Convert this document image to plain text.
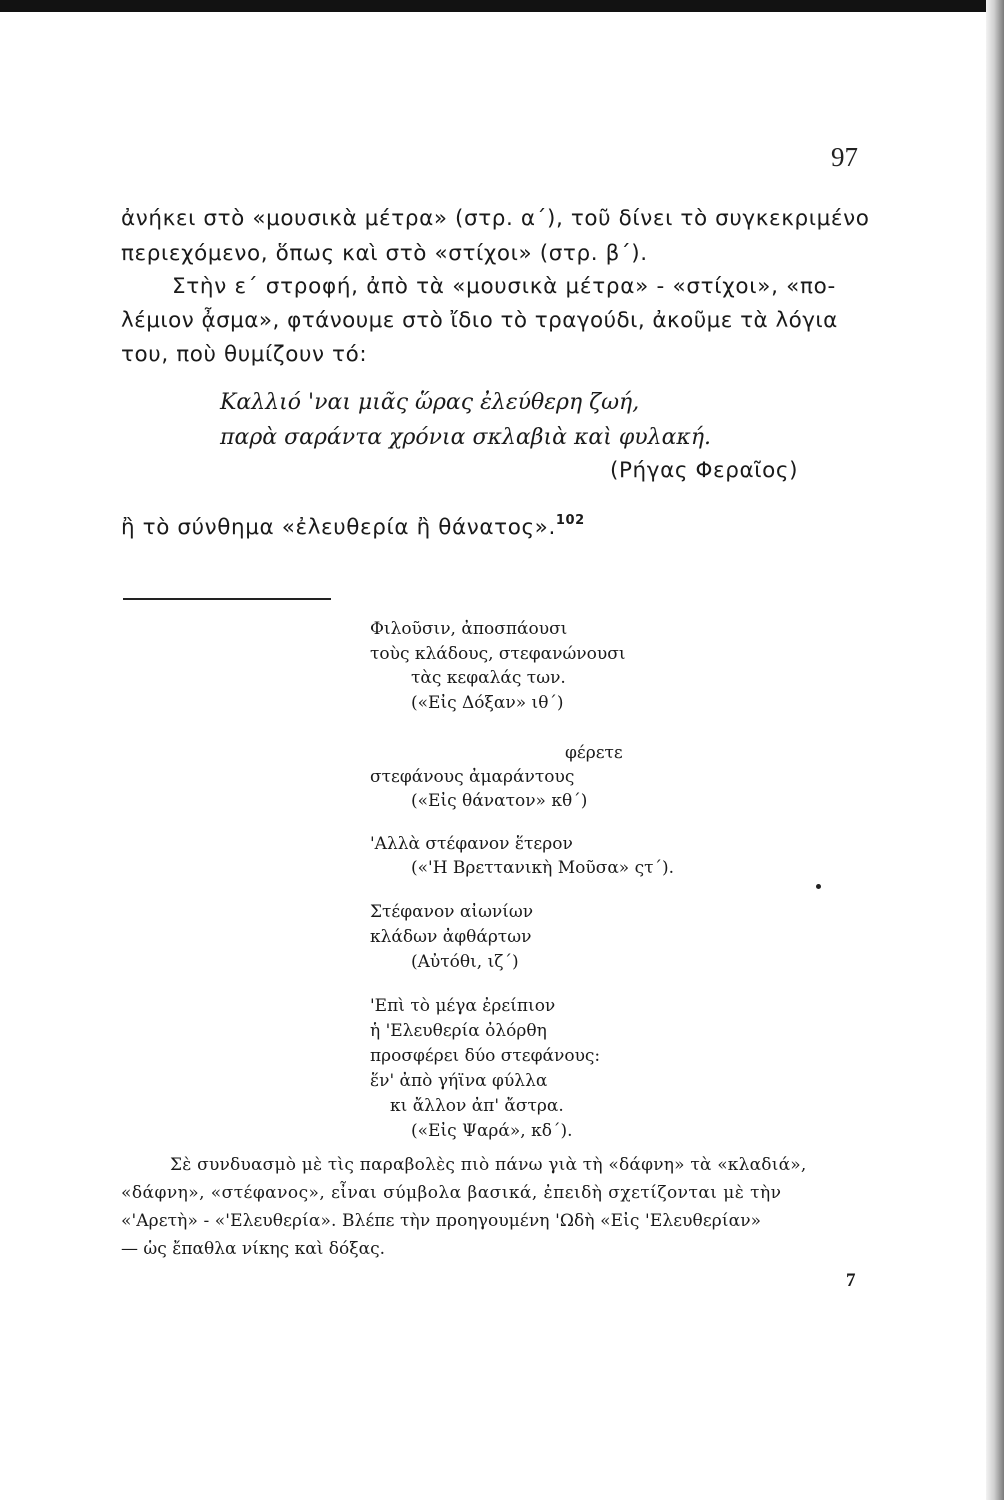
97
ἀνήκει στὸ «μουσικὰ μέτρα» (στρ. α΄), τοῦ δίνει τὸ συγκεκριμένο
περιεχόμενο, ὅπως καὶ στὸ «στίχοι» (στρ. β΄).
Στὴν ε΄ στροφή, ἀπὸ τὰ «μουσικὰ μέτρα» - «στίχοι», «πο-
λέμιον ᾆσμα», φτάνουμε στὸ ἴδιο τὸ τραγούδι, ἀκοῦμε τὰ λόγια
του, ποὺ θυμίζουν τό:
Καλλιό 'ναι μιᾶς ὥρας ἐλεύθερη ζωή,
παρὰ σαράντα χρόνια σκλαβιὰ καὶ φυλακή.
(Ρήγας Φεραῖος)
ἢ τὸ σύνθημα «ἐλευθερία ἢ θάνατος».$^{102}$
Φιλοῦσιν, ἀποσπάουσι
τοὺς κλάδους, στεφανώνουσι
τὰς κεφαλάς των.
(«Εἰς Δόξαν» ιθ΄)
φέρετε
στεφάνους ἀμαράντους
(«Εἰς θάνατον» κθ΄)
'Αλλὰ στέφανον ἕτερον
(«'Η Βρεττανικὴ Μοῦσα» ςτ΄).
Στέφανον αἰωνίων
κλάδων ἀφθάρτων
(Αὐτόθι, ιζ΄)
'Επὶ τὸ μέγα ἐρείπιον
ἡ 'Ελευθερία ὀλόρθη
προσφέρει δύο στεφάνους:
ἕν' ἀπὸ γήϊνα φύλλα
κι ἄλλον ἀπ' ἄστρα.
(«Εἰς Ψαρά», κδ΄).
Σὲ συνδυασμὸ μὲ τὶς παραβολὲς πιὸ πάνω γιὰ τὴ «δάφνη» τὰ «κλαδιά»,
«δάφνη», «στέφανος», εἶναι σύμβολα βασικά, ἐπειδὴ σχετίζονται μὲ τὴν
«'Αρετὴ» - «'Ελευθερία». Βλέπε τὴν προηγουμένη 'Ωδὴ «Εἰς 'Ελευθερίαν»
— ὡς ἔπαθλα νίκης καὶ δόξας.
7
